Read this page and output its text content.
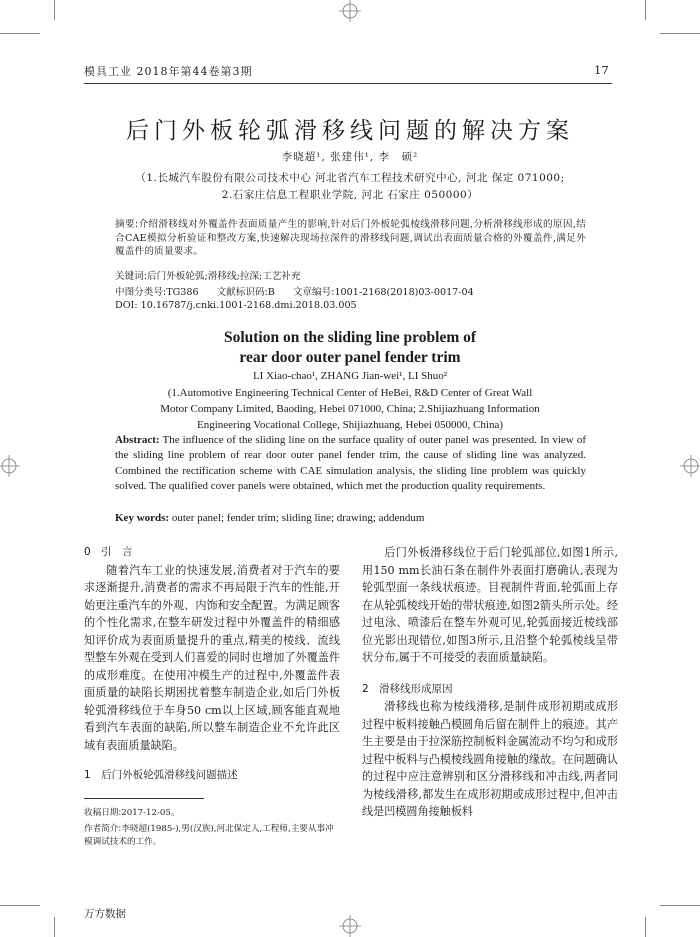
模具工业 2018年第44卷第3期	17
后门外板轮弧滑移线问题的解决方案
李晓超¹, 张建伟¹, 李　硕²
（1.长城汽车股份有限公司技术中心 河北省汽车工程技术研究中心, 河北 保定 071000;
2.石家庄信息工程职业学院, 河北 石家庄 050000）
摘要:介绍滑移线对外覆盖件表面质量产生的影响,针对后门外板轮弧棱线滑移问题,分析滑移线形成的原因,结合CAE模拟分析验证和整改方案,快速解决现场拉深件的滑移线问题,调试出表面质量合格的外覆盖件,满足外覆盖件的质量要求。
关键词:后门外板轮弧;滑移线;拉深;工艺补充
中图分类号:TG386 文献标识码:B 文章编号:1001-2168(2018)03-0017-04
DOI: 10.16787/j.cnki.1001-2168.dmi.2018.03.005
Solution on the sliding line problem of
rear door outer panel fender trim
LI Xiao-chao¹, ZHANG Jian-wei¹, LI Shuo²
(1.Automotive Engineering Technical Center of HeBei, R&D Center of Great Wall
Motor Company Limited, Baoding, Hebei 071000, China; 2.Shijiazhuang Information
Engineering Vocational College, Shijiazhuang, Hebei 050000, China)
Abstract: The influence of the sliding line on the surface quality of outer panel was presented. In view of the sliding line problem of rear door outer panel fender trim, the cause of sliding line was analyzed. Combined the rectification scheme with CAE simulation analysis, the sliding line problem was quickly solved. The qualified cover panels were obtained, which met the production quality requirements.
Key words: outer panel; fender trim; sliding line; drawing; addendum
0　引　言

随着汽车工业的快速发展,消费者对于汽车的要求逐渐提升,消费者的需求不再局限于汽车的性能,开始更注重汽车的外观、内饰和安全配置。为满足顾客的个性化需求,在整车研发过程中外覆盖件的精细感知评价成为表面质量提升的重点,精美的棱线、流线型整车外观在受到人们喜爱的同时也增加了外覆盖件的成形难度。在使用冲模生产的过程中,外覆盖件表面质量的缺陷长期困扰着整车制造企业,如后门外板轮弧滑移线位于车身50 cm以上区域,顾客能直观地看到汽车表面的缺陷,所以整车制造企业不允许此区域有表面质量缺陷。

1　后门外板轮弧滑移线问题描述

后门外板滑移线位于后门轮弧部位,如图1所示,用150 mm长油石条在制件外表面打磨确认,表现为轮弧型面一条线状痕迹。目视制件背面,轮弧面上存在从轮弧棱线开始的带状痕迹,如图2箭头所示处。经过电泳、喷漆后在整车外观可见,轮弧面接近棱线部位光影出现错位,如图3所示,且沿整个轮弧棱线呈带状分布,属于不可接受的表面质量缺陷。

2　滑移线形成原因

滑移线也称为棱线滑移,是制件成形初期或成形过程中板料接触凸模圆角后留在制件上的痕迹。其产生主要是由于拉深筋控制板料金属流动不均匀和成形过程中板料与凸模棱线圆角接触的缘故。在问题确认的过程中应注意辨别和区分滑移线和冲击线,两者同为棱线滑移,都发生在成形初期或成形过程中,但冲击线是凹模圆角接触板料

收稿日期:2017-12-05。
作者简介:李晓超(1985-),男(汉族),河北保定人,工程师,主要从事冲模调试技术的工作。
万方数据
